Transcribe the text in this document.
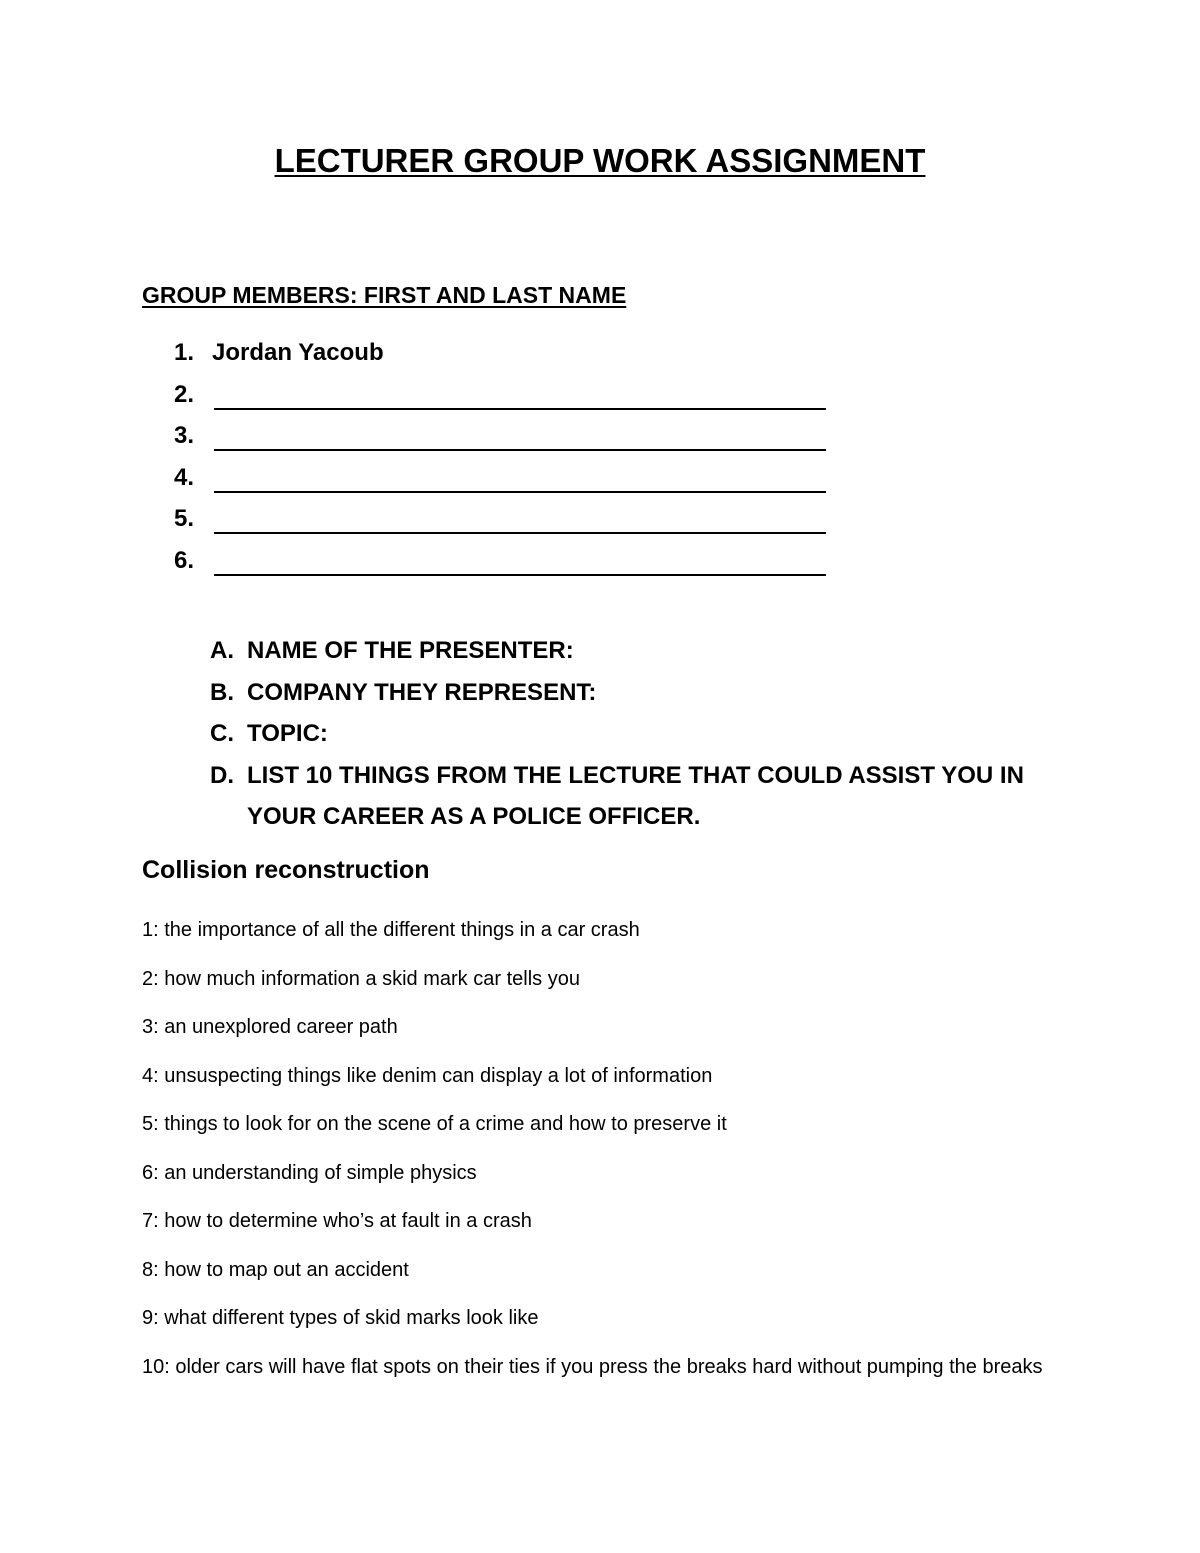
LECTURER GROUP WORK ASSIGNMENT
GROUP MEMBERS: FIRST AND LAST NAME
1. Jordan Yacoub
2.
3.
4.
5.
6.
A. NAME OF THE PRESENTER:
B. COMPANY THEY REPRESENT:
C. TOPIC:
D. LIST 10 THINGS FROM THE LECTURE THAT COULD ASSIST YOU IN YOUR CAREER AS A POLICE OFFICER.
Collision reconstruction
1: the importance of all the different things in a car crash
2: how much information a skid mark car tells you
3: an unexplored career path
4: unsuspecting things like denim can display a lot of information
5: things to look for on the scene of a crime and how to preserve it
6: an understanding of simple physics
7: how to determine who’s at fault in a crash
8: how to map out an accident
9: what different types of skid marks look like
10: older cars will have flat spots on their ties if you press the breaks hard without pumping the breaks
